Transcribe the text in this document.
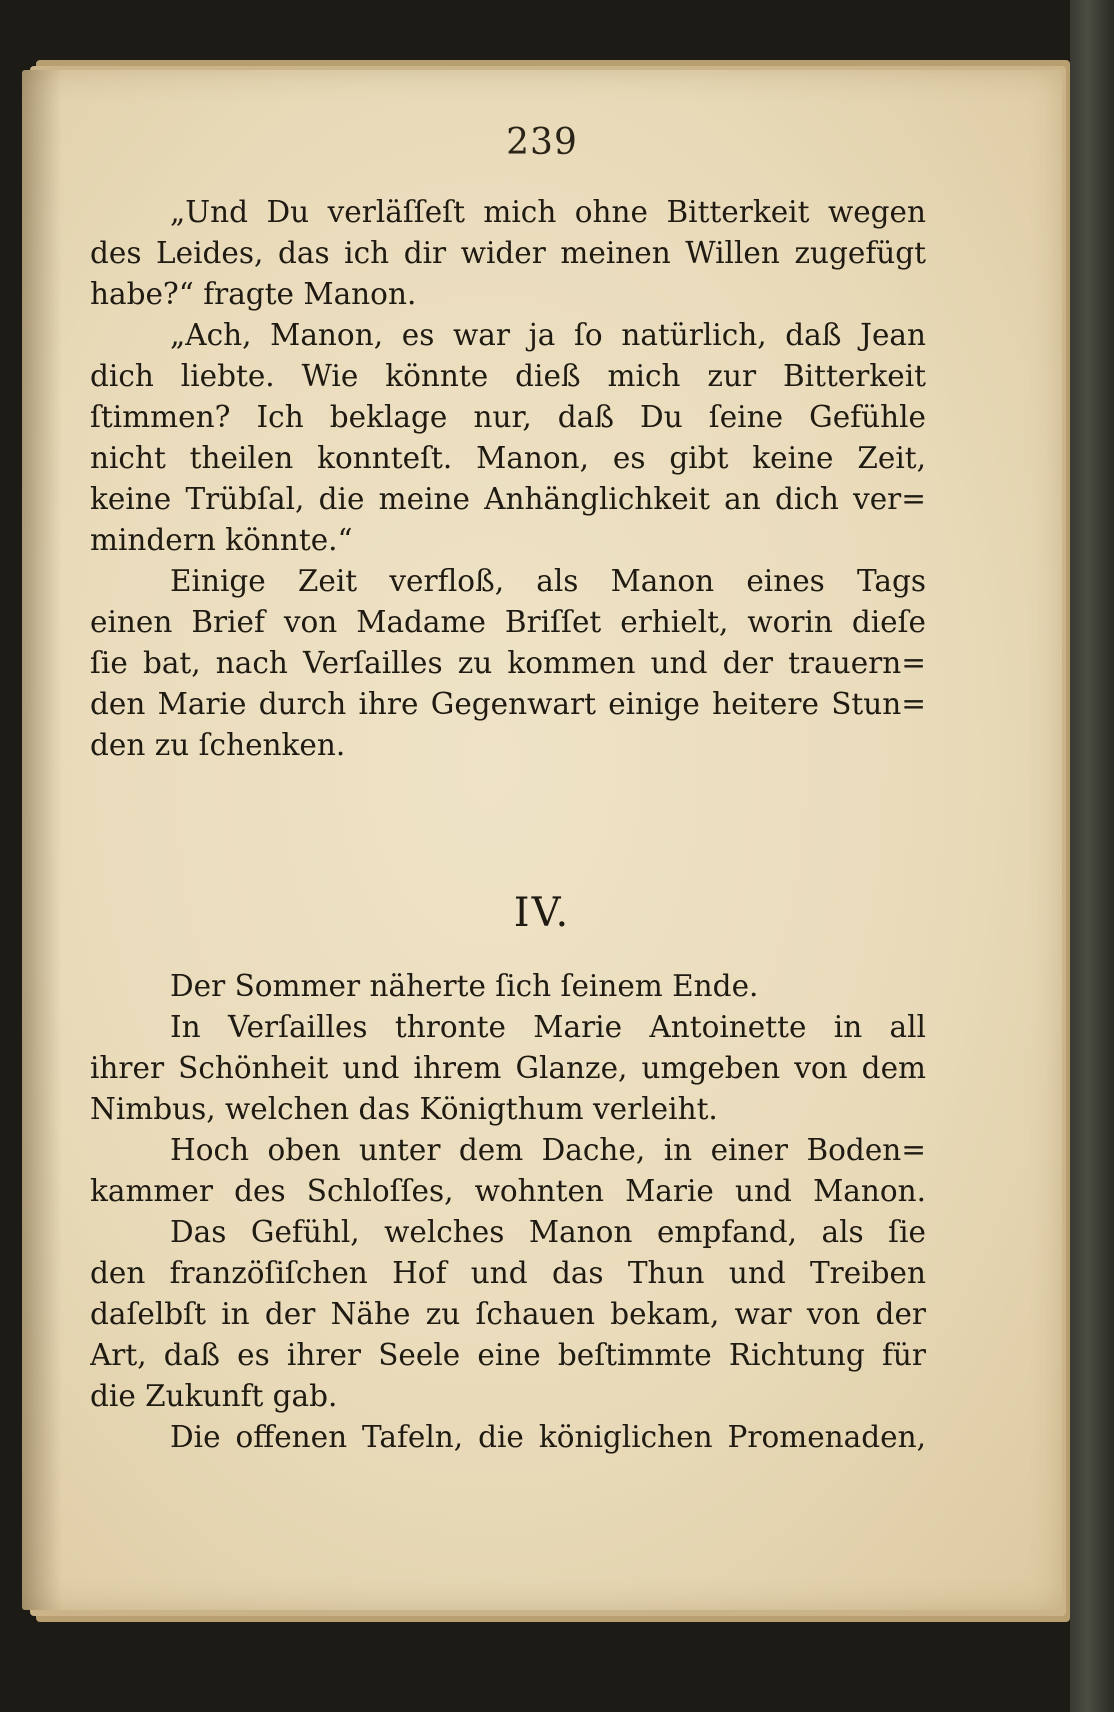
239
„Und Du verläſſeſt mich ohne Bitterkeit wegen
des Leides, das ich dir wider meinen Willen zugefügt
habe?“ fragte Manon.
„Ach, Manon, es war ja ſo natürlich, daß Jean
dich liebte. Wie könnte dieß mich zur Bitterkeit
ſtimmen? Ich beklage nur, daß Du ſeine Gefühle
nicht theilen konnteſt. Manon, es gibt keine Zeit,
keine Trübſal, die meine Anhänglichkeit an dich ver=
mindern könnte.“
Einige Zeit verfloß, als Manon eines Tags
einen Brief von Madame Briſſet erhielt, worin dieſe
ſie bat, nach Verſailles zu kommen und der trauern=
den Marie durch ihre Gegenwart einige heitere Stun=
den zu ſchenken.
IV.
Der Sommer näherte ſich ſeinem Ende.
In Verſailles thronte Marie Antoinette in all
ihrer Schönheit und ihrem Glanze, umgeben von dem
Nimbus, welchen das Königthum verleiht.
Hoch oben unter dem Dache, in einer Boden=
kammer des Schloſſes, wohnten Marie und Manon.
Das Gefühl, welches Manon empfand, als ſie
den franzöſiſchen Hof und das Thun und Treiben
daſelbſt in der Nähe zu ſchauen bekam, war von der
Art, daß es ihrer Seele eine beſtimmte Richtung für
die Zukunft gab.
Die offenen Tafeln, die königlichen Promenaden,
